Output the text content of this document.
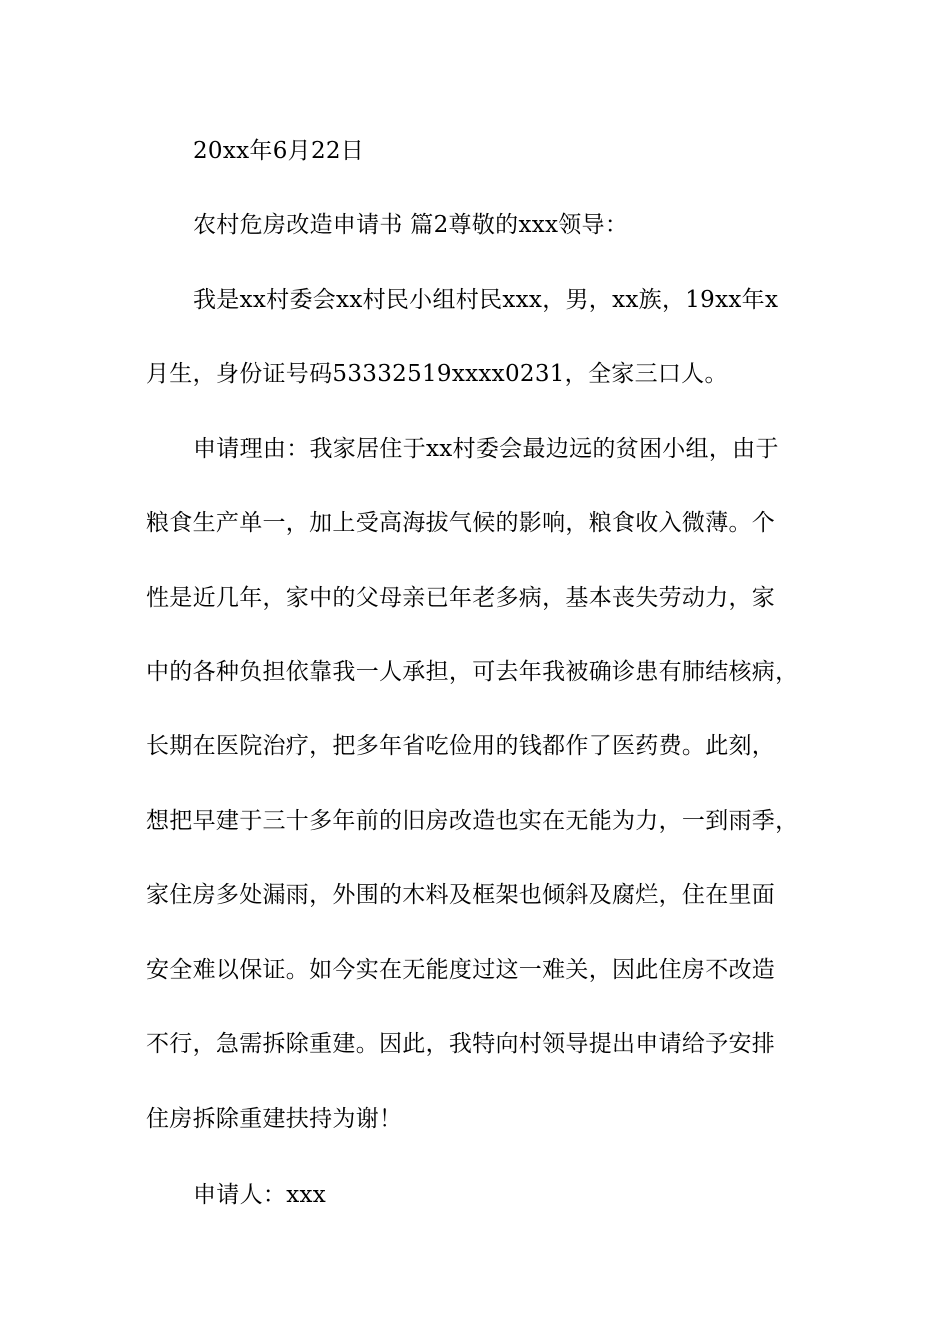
20xx年6月22日
农村危房改造申请书 篇2尊敬的xxx领导：
我是xx村委会xx村民小组村民xxx，男，xx族，19xx年x
月生，身份证号码53332519xxxx0231，全家三口人。
申请理由：我家居住于xx村委会最边远的贫困小组，由于
粮食生产单一，加上受高海拔气候的影响，粮食收入微薄。个
性是近几年，家中的父母亲已年老多病，基本丧失劳动力，家
中的各种负担依靠我一人承担，可去年我被确诊患有肺结核病，
长期在医院治疗，把多年省吃俭用的钱都作了医药费。此刻，
想把早建于三十多年前的旧房改造也实在无能为力，一到雨季，
家住房多处漏雨，外围的木料及框架也倾斜及腐烂，住在里面
安全难以保证。如今实在无能度过这一难关，因此住房不改造
不行，急需拆除重建。因此，我特向村领导提出申请给予安排
住房拆除重建扶持为谢！
申请人：xxx
